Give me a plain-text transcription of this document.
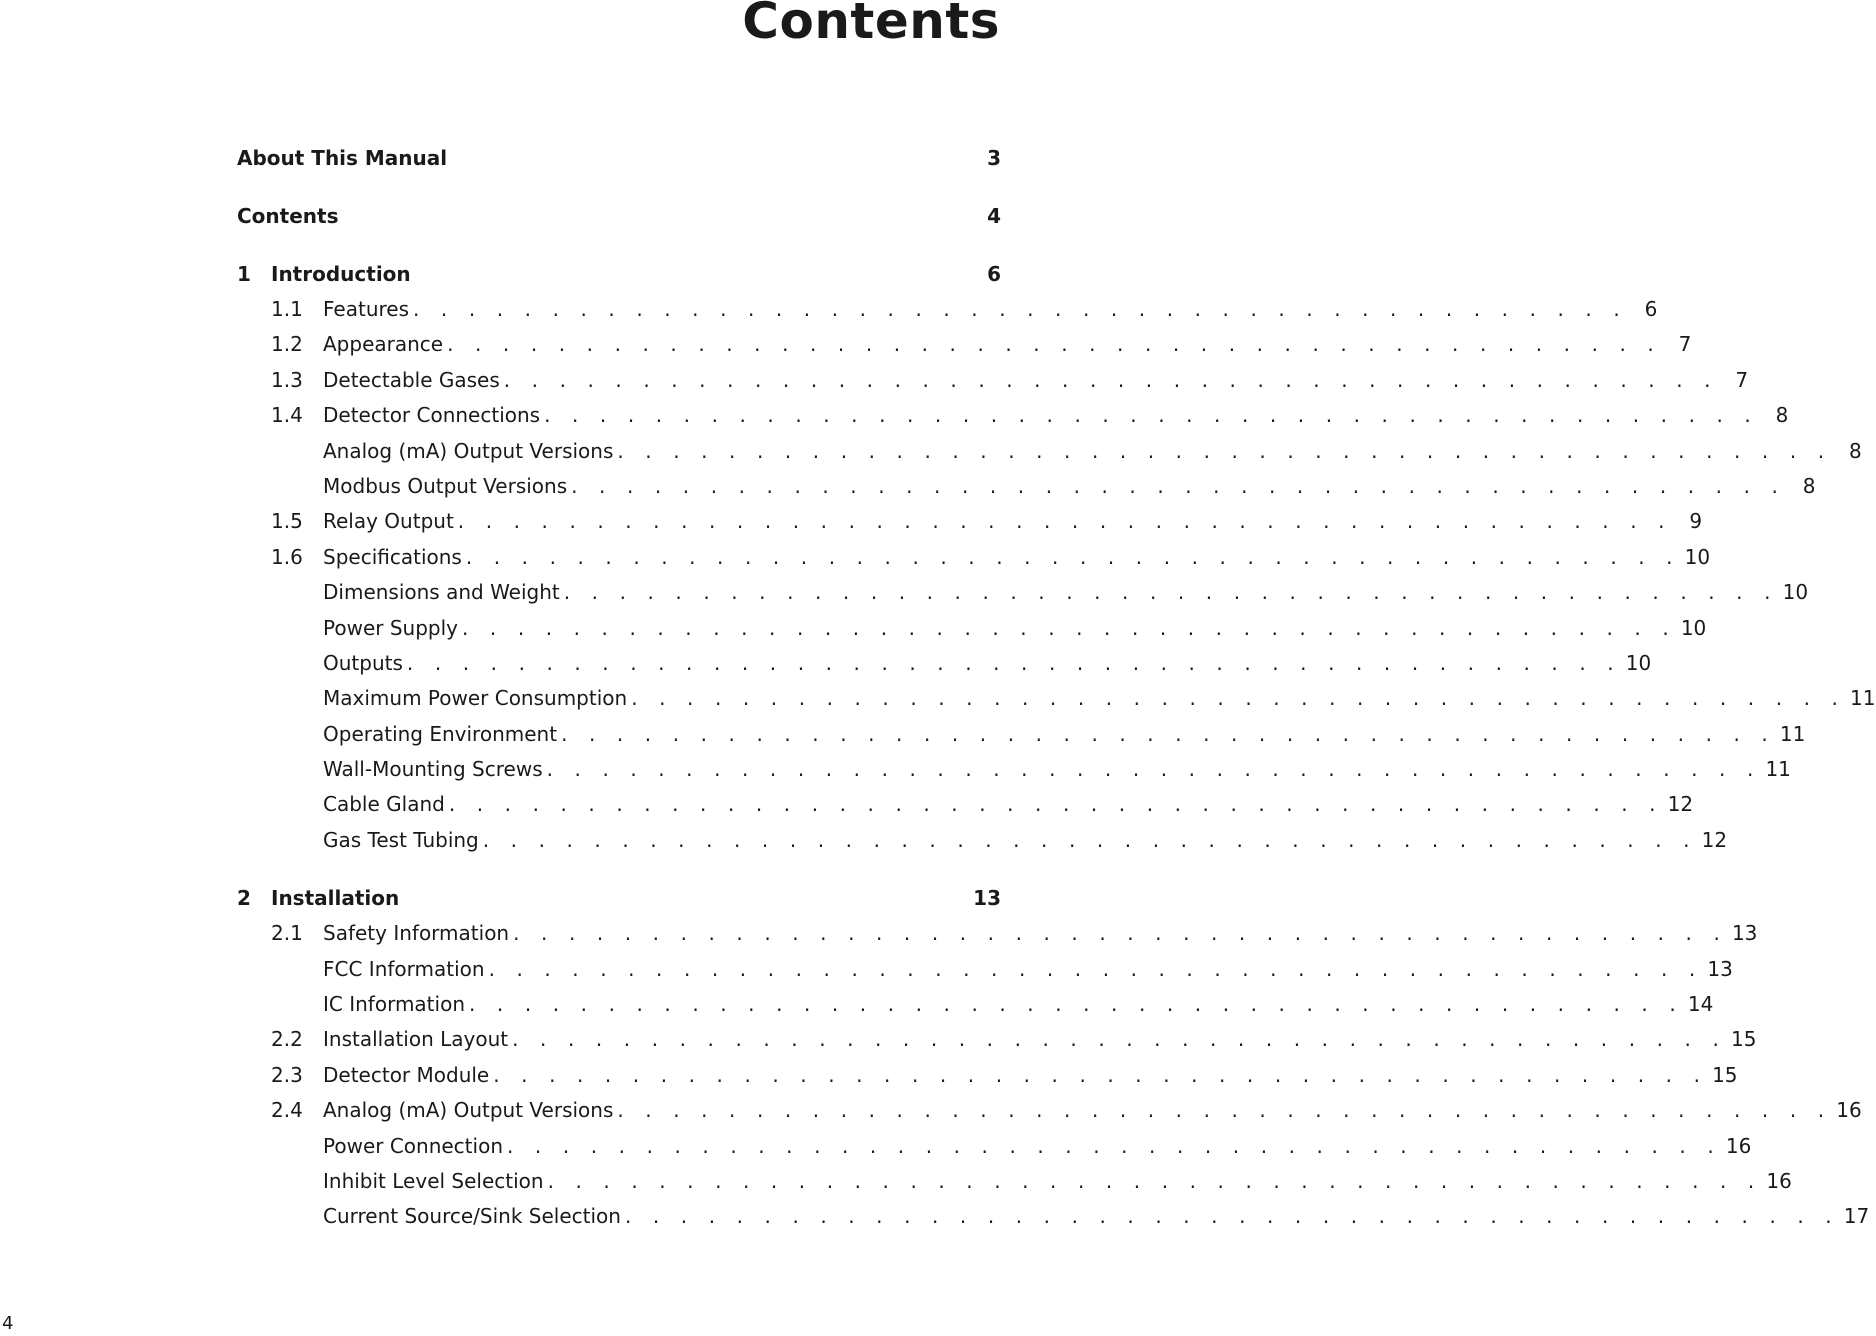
Contents
About This Manual	3
Contents	4
1	Introduction	6
1.1	Features . . . . . . . . . . . . . . . . . . . . . . . . . . . . . . . . . . . . . . . . . . . . 6
1.2	Appearance . . . . . . . . . . . . . . . . . . . . . . . . . . . . . . . . . . . . . . . . . . . . 7
1.3	Detectable Gases . . . . . . . . . . . . . . . . . . . . . . . . . . . . . . . . . . . . . . . . . . . . 7
1.4	Detector Connections . . . . . . . . . . . . . . . . . . . . . . . . . . . . . . . . . . . . . . . . . . . . 8
Analog (mA) Output Versions . . . . . . . . . . . . . . . . . . . . . . . . . . . . . . . . . . . . . . . . . . . . 8
Modbus Output Versions . . . . . . . . . . . . . . . . . . . . . . . . . . . . . . . . . . . . . . . . . . . . 8
1.5	Relay Output . . . . . . . . . . . . . . . . . . . . . . . . . . . . . . . . . . . . . . . . . . . . 9
1.6	Specifications . . . . . . . . . . . . . . . . . . . . . . . . . . . . . . . . . . . . . . . . . . . . 10
Dimensions and Weight . . . . . . . . . . . . . . . . . . . . . . . . . . . . . . . . . . . . . . . . . . . . 10
Power Supply . . . . . . . . . . . . . . . . . . . . . . . . . . . . . . . . . . . . . . . . . . . . 10
Outputs . . . . . . . . . . . . . . . . . . . . . . . . . . . . . . . . . . . . . . . . . . . . 10
Maximum Power Consumption . . . . . . . . . . . . . . . . . . . . . . . . . . . . . . . . . . . . . . . . . . . . 11
Operating Environment . . . . . . . . . . . . . . . . . . . . . . . . . . . . . . . . . . . . . . . . . . . . 11
Wall-Mounting Screws . . . . . . . . . . . . . . . . . . . . . . . . . . . . . . . . . . . . . . . . . . . . 11
Cable Gland . . . . . . . . . . . . . . . . . . . . . . . . . . . . . . . . . . . . . . . . . . . . 12
Gas Test Tubing . . . . . . . . . . . . . . . . . . . . . . . . . . . . . . . . . . . . . . . . . . . . 12
2	Installation	13
2.1	Safety Information . . . . . . . . . . . . . . . . . . . . . . . . . . . . . . . . . . . . . . . . . . . . 13
FCC Information . . . . . . . . . . . . . . . . . . . . . . . . . . . . . . . . . . . . . . . . . . . . 13
IC Information . . . . . . . . . . . . . . . . . . . . . . . . . . . . . . . . . . . . . . . . . . . . 14
2.2	Installation Layout . . . . . . . . . . . . . . . . . . . . . . . . . . . . . . . . . . . . . . . . . . . . 15
2.3	Detector Module . . . . . . . . . . . . . . . . . . . . . . . . . . . . . . . . . . . . . . . . . . . . 15
2.4	Analog (mA) Output Versions . . . . . . . . . . . . . . . . . . . . . . . . . . . . . . . . . . . . . . . . . . . . 16
Power Connection . . . . . . . . . . . . . . . . . . . . . . . . . . . . . . . . . . . . . . . . . . . . 16
Inhibit Level Selection . . . . . . . . . . . . . . . . . . . . . . . . . . . . . . . . . . . . . . . . . . . . 16
Current Source/Sink Selection . . . . . . . . . . . . . . . . . . . . . . . . . . . . . . . . . . . . . . . . . . . . 17
4
